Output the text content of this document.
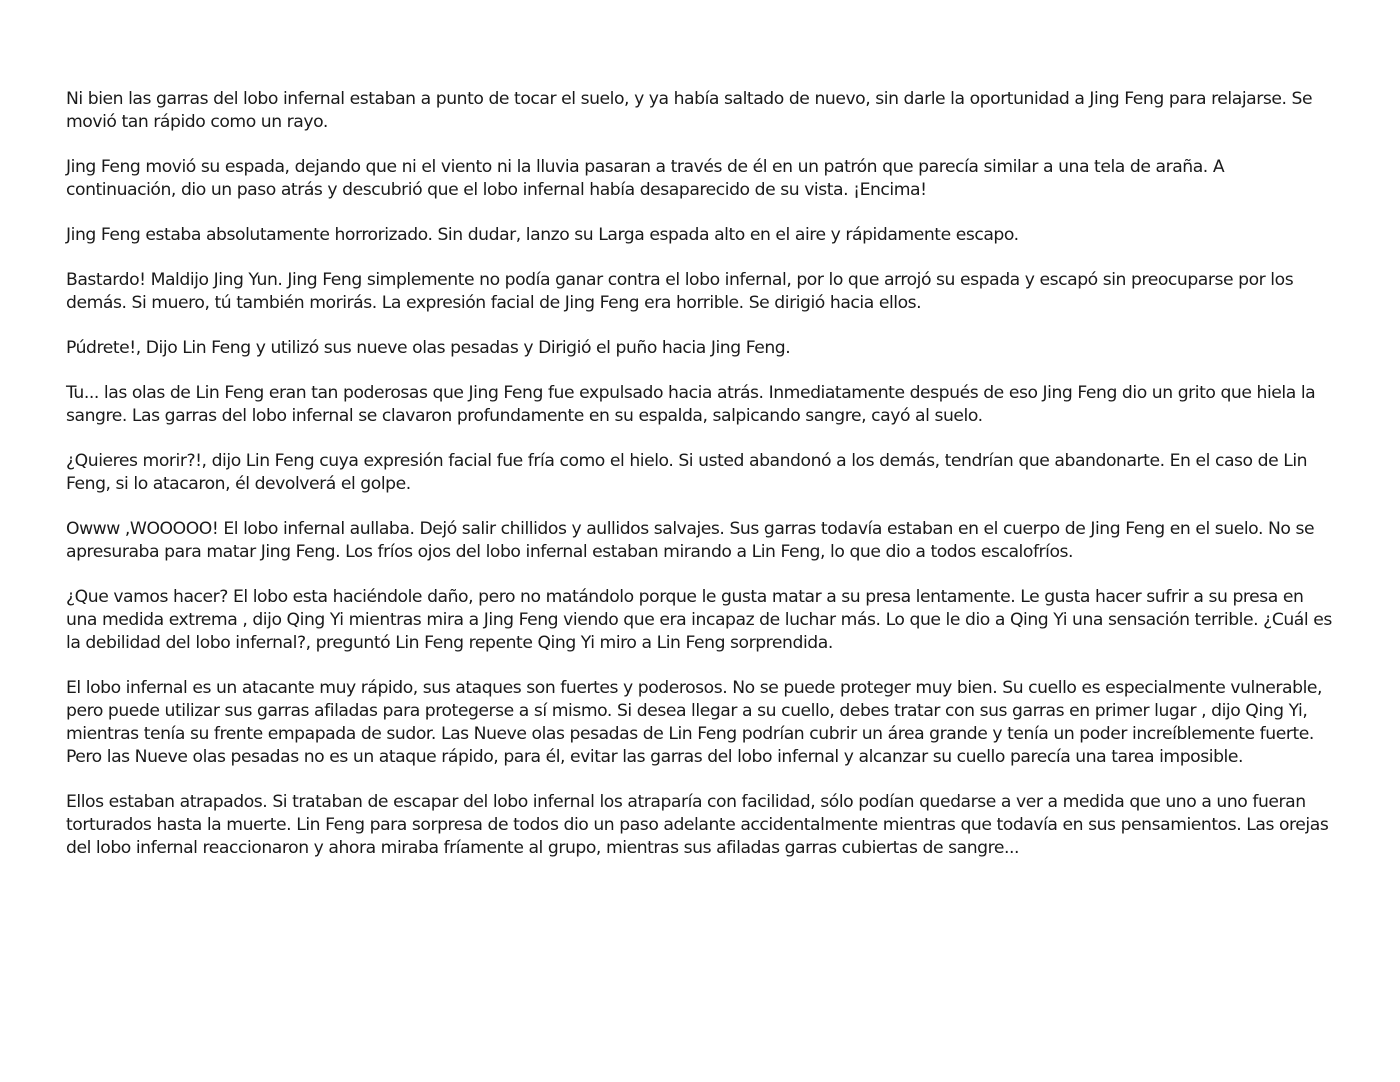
Ni bien las garras del lobo infernal estaban a punto de tocar el suelo, y ya había saltado de nuevo, sin darle la oportunidad a Jing Feng para relajarse. Se movió tan rápido como un rayo.

Jing Feng movió su espada, dejando que ni el viento ni la lluvia pasaran a través de él en un patrón que parecía similar a una tela de araña. A continuación, dio un paso atrás y descubrió que el lobo infernal había desaparecido de su vista. ¡Encima!

Jing Feng estaba absolutamente horrorizado. Sin dudar, lanzo su Larga espada alto en el aire y rápidamente escapo.

Bastardo! Maldijo Jing Yun. Jing Feng simplemente no podía ganar contra el lobo infernal, por lo que arrojó su espada y escapó sin preocuparse por los demás. Si muero, tú también morirás. La expresión facial de Jing Feng era horrible. Se dirigió hacia ellos.

Púdrete!, Dijo Lin Feng y utilizó sus nueve olas pesadas y Dirigió el puño hacia Jing Feng.

Tu... las olas de Lin Feng eran tan poderosas que Jing Feng fue expulsado hacia atrás. Inmediatamente después de eso Jing Feng dio un grito que hiela la sangre. Las garras del lobo infernal se clavaron profundamente en su espalda, salpicando sangre, cayó al suelo.

¿Quieres morir?!, dijo Lin Feng cuya expresión facial fue fría como el hielo. Si usted abandonó a los demás, tendrían que abandonarte. En el caso de Lin Feng, si lo atacaron, él devolverá el golpe.

Owww ,WOOOOO! El lobo infernal aullaba. Dejó salir chillidos y aullidos salvajes. Sus garras todavía estaban en el cuerpo de Jing Feng en el suelo. No se apresuraba para matar Jing Feng. Los fríos ojos del lobo infernal estaban mirando a Lin Feng, lo que dio a todos escalofríos.

¿Que vamos hacer? El lobo esta haciéndole daño, pero no matándolo porque le gusta matar a su presa lentamente. Le gusta hacer sufrir a su presa en una medida extrema , dijo Qing Yi mientras mira a Jing Feng viendo que era incapaz de luchar más. Lo que le dio a Qing Yi una sensación terrible. ¿Cuál es la debilidad del lobo infernal?, preguntó Lin Feng repente Qing Yi miro a Lin Feng sorprendida.

El lobo infernal es un atacante muy rápido, sus ataques son fuertes y poderosos. No se puede proteger muy bien. Su cuello es especialmente vulnerable, pero puede utilizar sus garras afiladas para protegerse a sí mismo. Si desea llegar a su cuello, debes tratar con sus garras en primer lugar , dijo Qing Yi, mientras tenía su frente empapada de sudor. Las Nueve olas pesadas de Lin Feng podrían cubrir un área grande y tenía un poder increíblemente fuerte. Pero las Nueve olas pesadas no es un ataque rápido, para él, evitar las garras del lobo infernal y alcanzar su cuello parecía una tarea imposible.

Ellos estaban atrapados. Si trataban de escapar del lobo infernal los atraparía con facilidad, sólo podían quedarse a ver a medida que uno a uno fueran torturados hasta la muerte. Lin Feng para sorpresa de todos dio un paso adelante accidentalmente mientras que todavía en sus pensamientos. Las orejas del lobo infernal reaccionaron y ahora miraba fríamente al grupo, mientras sus afiladas garras cubiertas de sangre...
